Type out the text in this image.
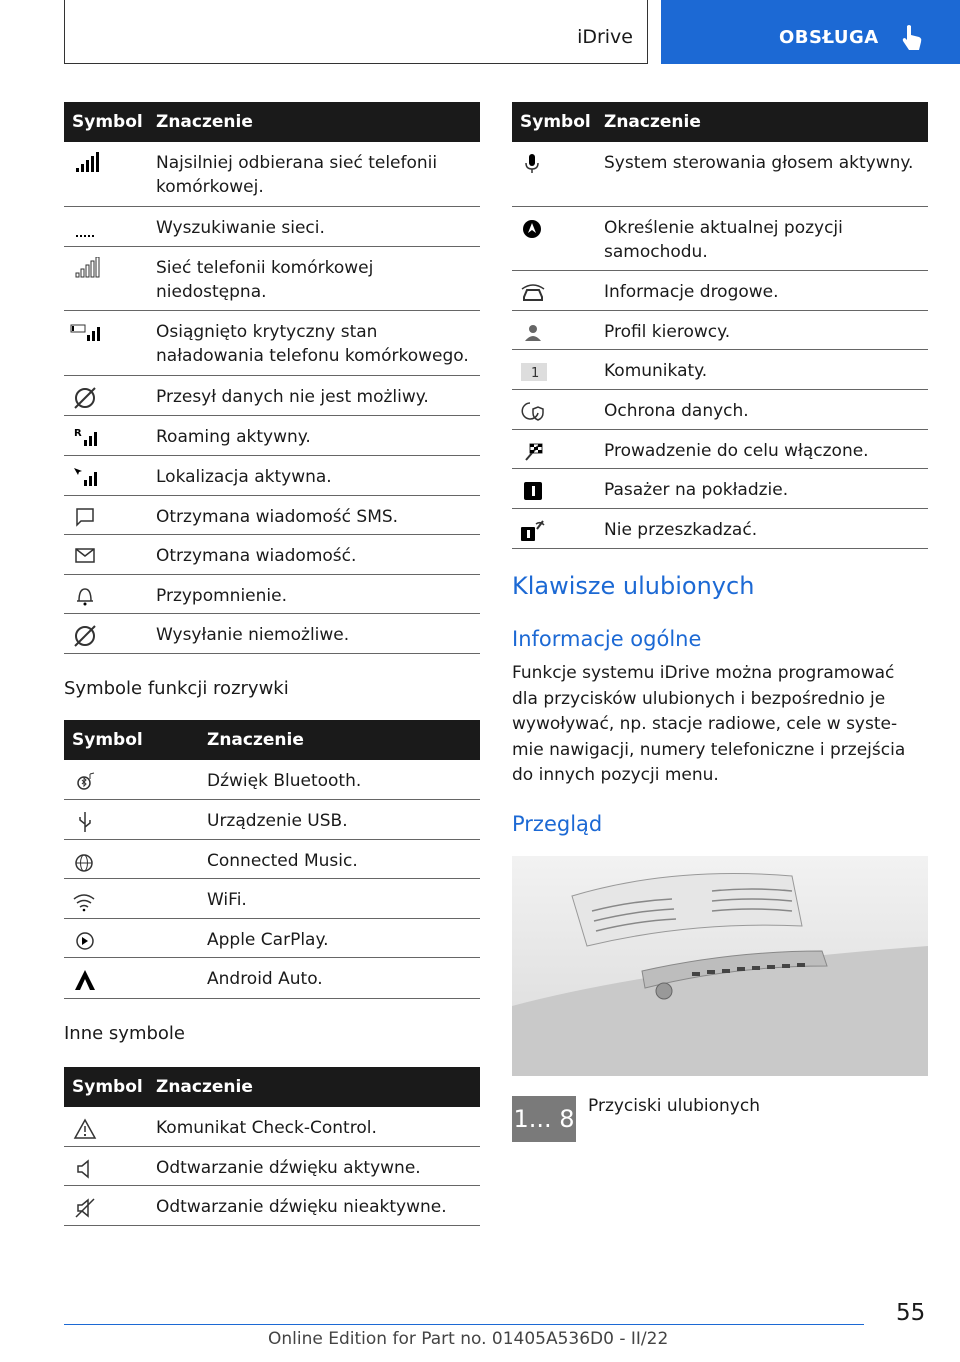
iDrive	OBSŁUGA
Symbol Znaczenie
Najsilniej odbierana sieć telefonii komórkowej.
Wyszukiwanie sieci.
Sieć telefonii komórkowej niedostępna.
Osiągnięto krytyczny stan naładowania telefonu komórkowego.
Przesył danych nie jest możliwy.
R	Roaming aktywny.
Lokalizacja aktywna.
Otrzymana wiadomość SMS.
Otrzymana wiadomość.
Przypomnienie.
Wysyłanie niemożliwe.
Symbole funkcji rozrywki
Symbol	Znaczenie
Dźwięk Bluetooth.
Urządzenie USB.
Connected Music.
WiFi.
Apple CarPlay.
Android Auto.
Inne symbole
Symbol Znaczenie
Komunikat Check-Control.
Odtwarzanie dźwięku aktywne.
Odtwarzanie dźwięku nieaktywne.
Symbol Znaczenie
System sterowania głosem aktywny.
Określenie aktualnej pozycji samochodu.
Informacje drogowe.
Profil kierowcy.
1	Komunikaty.
Ochrona danych.
Prowadzenie do celu włączone.
Pasażer na pokładzie.
Nie przeszkadzać.
Klawisze ulubionych
Informacje ogólne
Funkcje systemu iDrive można programować
dla przycisków ulubionych i bezpośrednio je
wywoływać, np. stacje radiowe, cele w syste-
mie nawigacji, numery telefoniczne i przejścia
do innych pozycji menu.
Przegląd
1... 8 Przyciski ulubionych
55
Online Edition for Part no. 01405A536D0 - II/22
